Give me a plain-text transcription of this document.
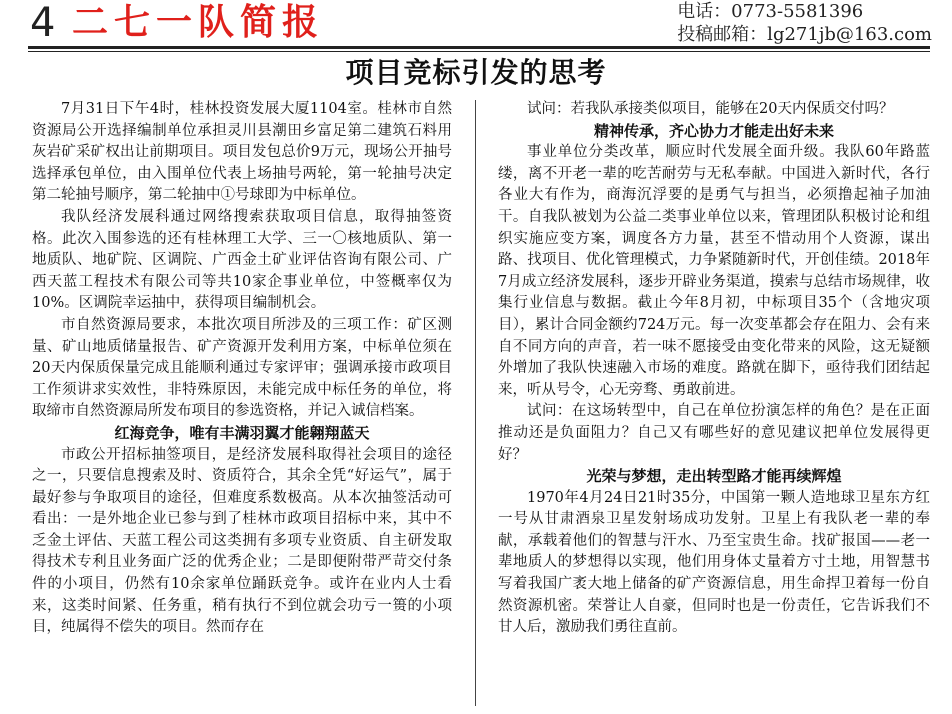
4 二七一队简报	电话：0773-5581396
投稿邮箱：lg271jb@163.com
项目竞标引发的思考

7月31日下午4时，桂林投资发展大厦1104室。桂林市自然资源局公开选择编制单位承担灵川县潮田乡富足第二建筑石料用灰岩矿采矿权出让前期项目。项目发包总价9万元，现场公开抽号选择承包单位，由入围单位代表上场抽号两轮，第一轮抽号决定第二轮抽号顺序，第二轮抽中①号球即为中标单位。

我队经济发展科通过网络搜索获取项目信息，取得抽签资格。此次入围参选的还有桂林理工大学、三一〇核地质队、第一地质队、地矿院、区调院、广西金土矿业评估咨询有限公司、广西天蓝工程技术有限公司等共10家企事业单位，中签概率仅为10%。区调院幸运抽中，获得项目编制机会。

市自然资源局要求，本批次项目所涉及的三项工作：矿区测量、矿山地质储量报告、矿产资源开发利用方案，中标单位须在20天内保质保量完成且能顺利通过专家评审；强调承接市政项目工作须讲求实效性，非特殊原因，未能完成中标任务的单位，将取缔市自然资源局所发布项目的参选资格，并记入诚信档案。

红海竞争，唯有丰满羽翼才能翱翔蓝天

市政公开招标抽签项目，是经济发展科取得社会项目的途径之一，只要信息搜索及时、资质符合，其余全凭“好运气”，属于最好参与争取项目的途径，但难度系数极高。从本次抽签活动可看出：一是外地企业已参与到了桂林市政项目招标中来，其中不乏金土评估、天蓝工程公司这类拥有多项专业资质、自主研发取得技术专利且业务面广泛的优秀企业；二是即便附带严苛交付条件的小项目，仍然有10余家单位踊跃竞争。或许在业内人士看来，这类时间紧、任务重，稍有执行不到位就会功亏一篑的小项目，纯属得不偿失的项目。然而存在

试问：若我队承接类似项目，能够在20天内保质交付吗？

精神传承，齐心协力才能走出好未来

事业单位分类改革，顺应时代发展全面升级。我队60年路蓝缕，离不开老一辈的吃苦耐劳与无私奉献。中国进入新时代，各行各业大有作为，商海沉浮要的是勇气与担当，必须撸起袖子加油干。自我队被划为公益二类事业单位以来，管理团队积极讨论和组织实施应变方案，调度各方力量，甚至不惜动用个人资源，谋出路、找项目、优化管理模式，力争紧随新时代，开创佳绩。2018年7月成立经济发展科，逐步开辟业务渠道，摸索与总结市场规律，收集行业信息与数据。截止今年8月初，中标项目35个（含地灾项目），累计合同金额约724万元。每一次变革都会存在阻力、会有来自不同方向的声音，若一味不愿接受由变化带来的风险，这无疑额外增加了我队快速融入市场的难度。路就在脚下，亟待我们团结起来，听从号令，心无旁骛、勇敢前进。

试问：在这场转型中，自己在单位扮演怎样的角色？是在正面推动还是负面阻力？自己又有哪些好的意见建议把单位发展得更好？

光荣与梦想，走出转型路才能再续辉煌

1970年4月24日21时35分，中国第一颗人造地球卫星东方红一号从甘肃酒泉卫星发射场成功发射。卫星上有我队老一辈的奉献，承载着他们的智慧与汗水、乃至宝贵生命。找矿报国——老一辈地质人的梦想得以实现，他们用身体丈量着方寸土地，用智慧书写着我国广袤大地上储备的矿产资源信息，用生命捍卫着每一份自然资源机密。荣誉让人自豪，但同时也是一份责任，它告诉我们不甘人后，激励我们勇往直前。
